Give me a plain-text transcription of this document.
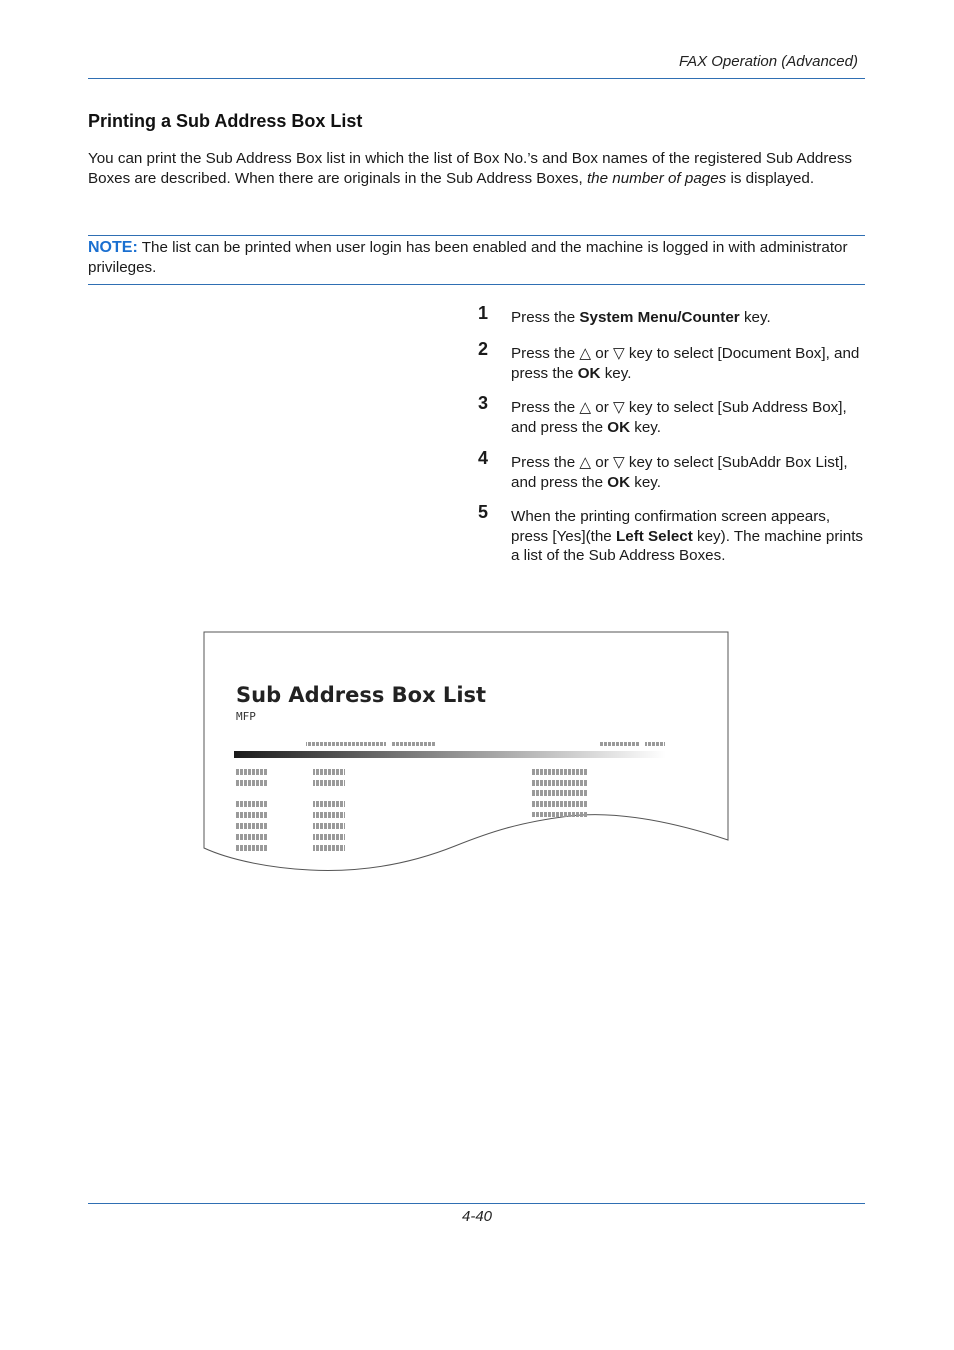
FAX Operation (Advanced)
Printing a Sub Address Box List
You can print the Sub Address Box list in which the list of Box No.’s and Box names of the registered Sub Address Boxes are described. When there are originals in the Sub Address Boxes, the number of pages is displayed.
NOTE: The list can be printed when user login has been enabled and the machine is logged in with administrator privileges.
1 Press the System Menu/Counter key.
2 Press the △ or ▽ key to select [Document Box], and press the OK key.
3 Press the △ or ▽ key to select [Sub Address Box], and press the OK key.
4 Press the △ or ▽ key to select [SubAddr Box List], and press the OK key.
5 When the printing confirmation screen appears, press [Yes](the Left Select key). The machine prints a list of the Sub Address Boxes.
Sub Address Box List
MFP
4-40
